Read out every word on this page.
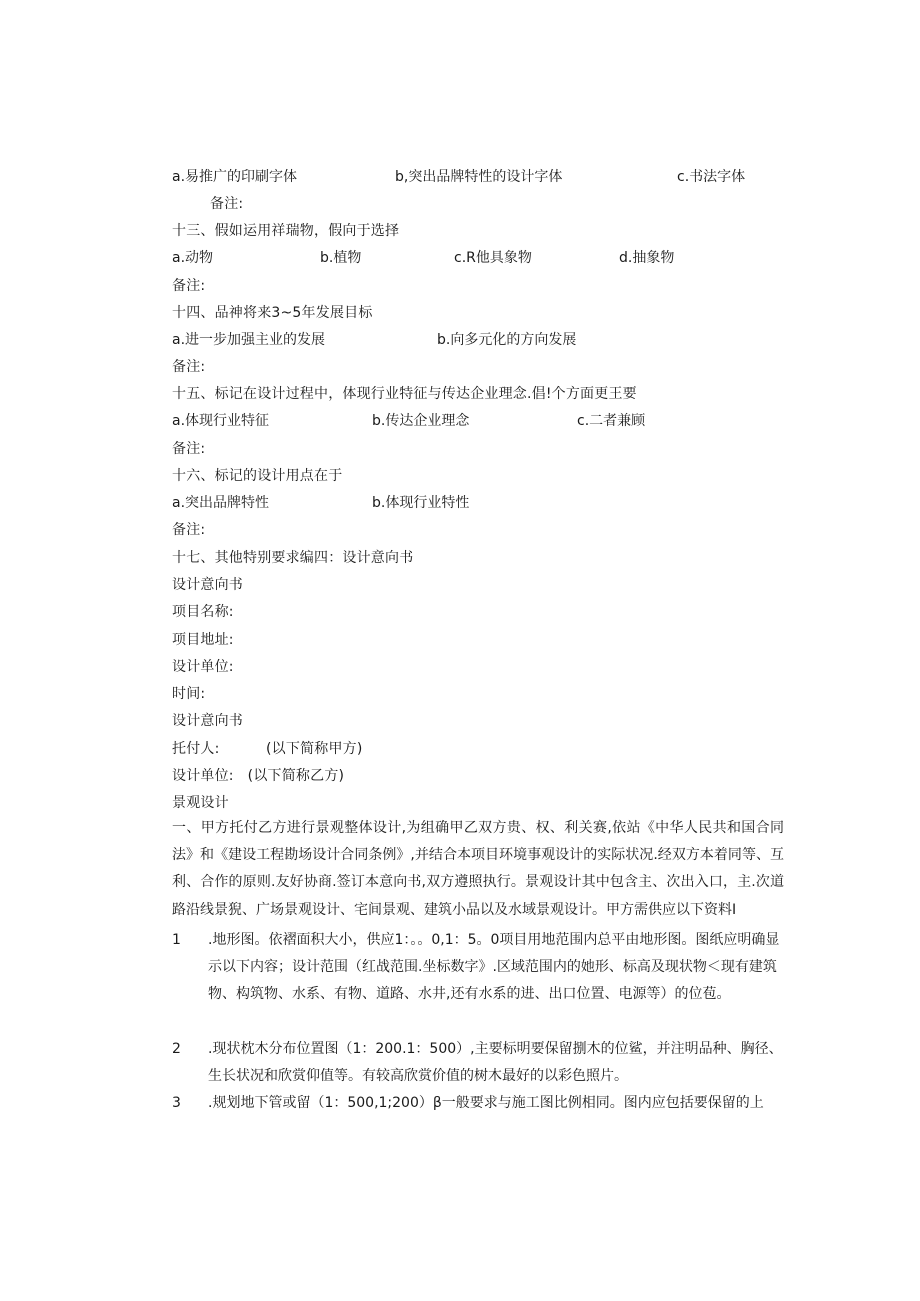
a.易推广的印刷字体	b,突出品牌特性的设计字体	c.书法字体
备注:
十三、假如运用祥瑞物，假向于选择
a.动物	b.植物	c.R他具象物	d.抽象物
备注:
十四、品神将来3~5年发展目标
a.进一步加强主业的发展	b.向多元化的方向发展
备注:
十五、标记在设计过程中，体现行业特征与传达企业理念.倡!个方面更王要
a.体现行业特征	b.传达企业理念	c.二者兼顾
备注:
十六、标记的设计用点在于
a.突出品牌特性	b.体现行业特性
备注:
十七、其他特别要求编四：设计意向书
设计意向书
项目名称:
项目地址:
设计单位:
时间:
设计意向书
托付人:          (以下简称甲方)
设计单位:   (以下简称乙方)
景观设计
一、甲方托付乙方进行景观整体设计,为组确甲乙双方贵、权、利关赛,依站《中华人民共和国合同法》和《建设工程勘场设计合同条例》,并结合本项目环境事观设计的实际状况.经双方本着同等、互利、合作的原则.友好协商.签订本意向书,双方遵照执行。景观设计其中包含主、次出入口，主.次道路沿线景猊、广场景观设计、宅间景观、建筑小品以及水域景观设计。甲方需供应以下资料I
1 .地形图。依褶面积大小，供应1：。。0,1：5。0项目用地范围内总平由地形图。图纸应明确显示以下内容；设计范围（红战范围.坐标数字》.区域范围内的她形、标高及现状物＜现有建筑物、构筑物、水系、有物、道路、水井,还有水系的进、出口位置、电源等）的位苞。
2 .现状枕木分布位置图（1：200.1：500）,主要标明要保留捌木的位鲨，并注明品种、胸径、生长状况和欣赏仰值等。有较高欣赏价值的树木最好的以彩色照片。
3 .规划地下管或留（1：500,1;200）β一般要求与施工图比例相同。图内应包括要保留的上
